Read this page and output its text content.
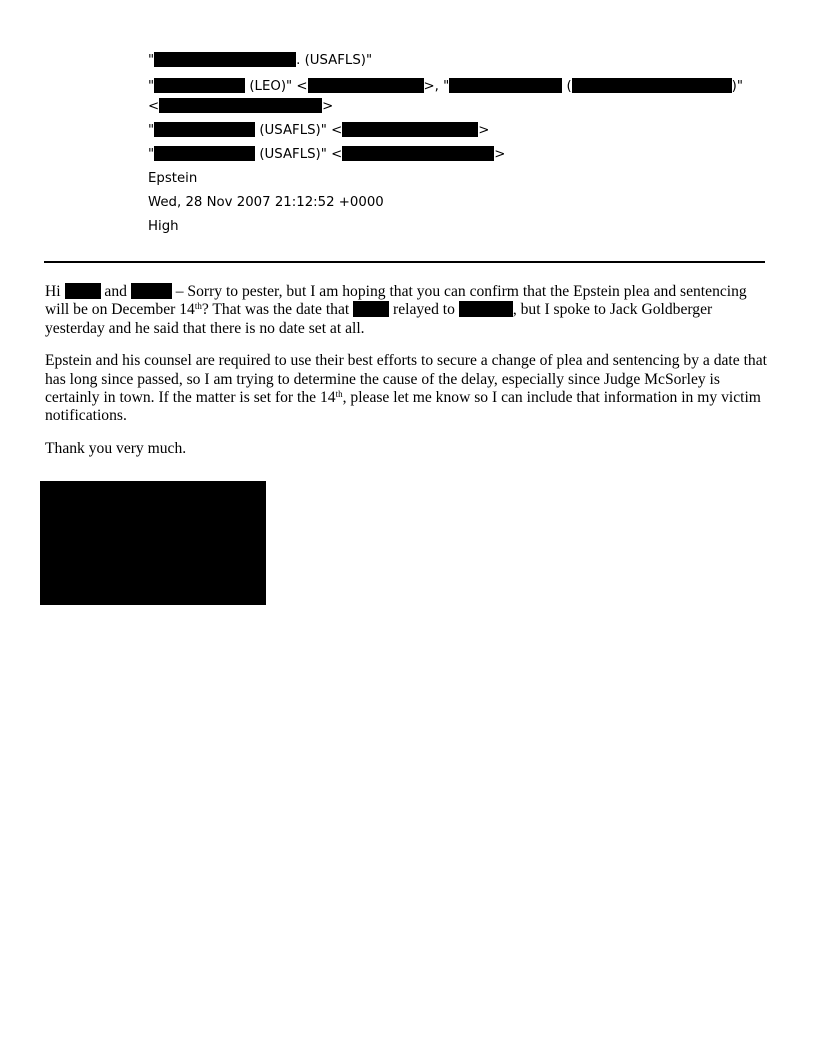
"	. (USAFLS)"
"	(LEO)" <	>, "	(	)"
<	>
"	(USAFLS)" <	>
"	(USAFLS)" <	>
Epstein
Wed, 28 Nov 2007 21:12:52 +0000
High

Hi  and	– Sorry to pester, but I am hoping that you can confirm that the Epstein plea and sentencing will be on December 14th? That was the date that  relayed to	, but I spoke to Jack Goldberger yesterday and he said that there is no date set at all.

Epstein and his counsel are required to use their best efforts to secure a change of plea and sentencing by a date that has long since passed, so I am trying to determine the cause of the delay, especially since Judge McSorley is certainly in town. If the matter is set for the 14th, please let me know so I can include that information in my victim notifications.

Thank you very much.
